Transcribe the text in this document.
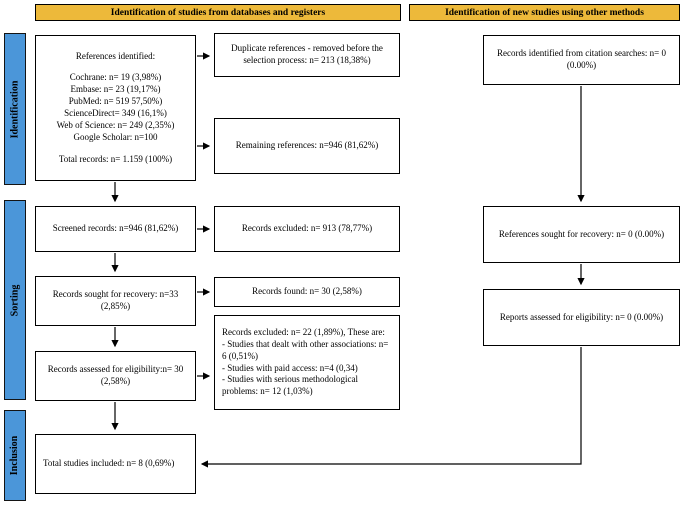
Identification of studies from databases and registers	Identification of new studies using other methods
Identification
Sorting
Inclusion
References identified:
Cochrane: n= 19 (3,98%)
Embase: n= 23 (19,17%)
PubMed: n= 519 57,50%)
ScienceDirect= 349 (16,1%)
Web of Science: n= 249 (2,35%)
Google Scholar: n=100
Total records: n= 1.159 (100%)
Screened records: n=946 (81,62%)
Records sought for recovery: n=33 (2,85%)
Records assessed for eligibility:n= 30 (2,58%)
Total studies included: n= 8 (0,69%)
Duplicate references - removed before the selection process: n= 213 (18,38%)
Remaining references: n=946 (81,62%)
Records excluded: n= 913 (78,77%)
Records found: n= 30 (2,58%)
Records excluded: n= 22 (1,89%), These are:
- Studies that dealt with other associations: n= 6 (0,51%)
- Studies with paid access: n=4 (0,34)
- Studies with serious methodological problems: n= 12 (1,03%)
Records identified from citation searches: n= 0 (0.00%)
References sought for recovery: n= 0 (0.00%)
Reports assessed for eligibility: n= 0 (0.00%)
